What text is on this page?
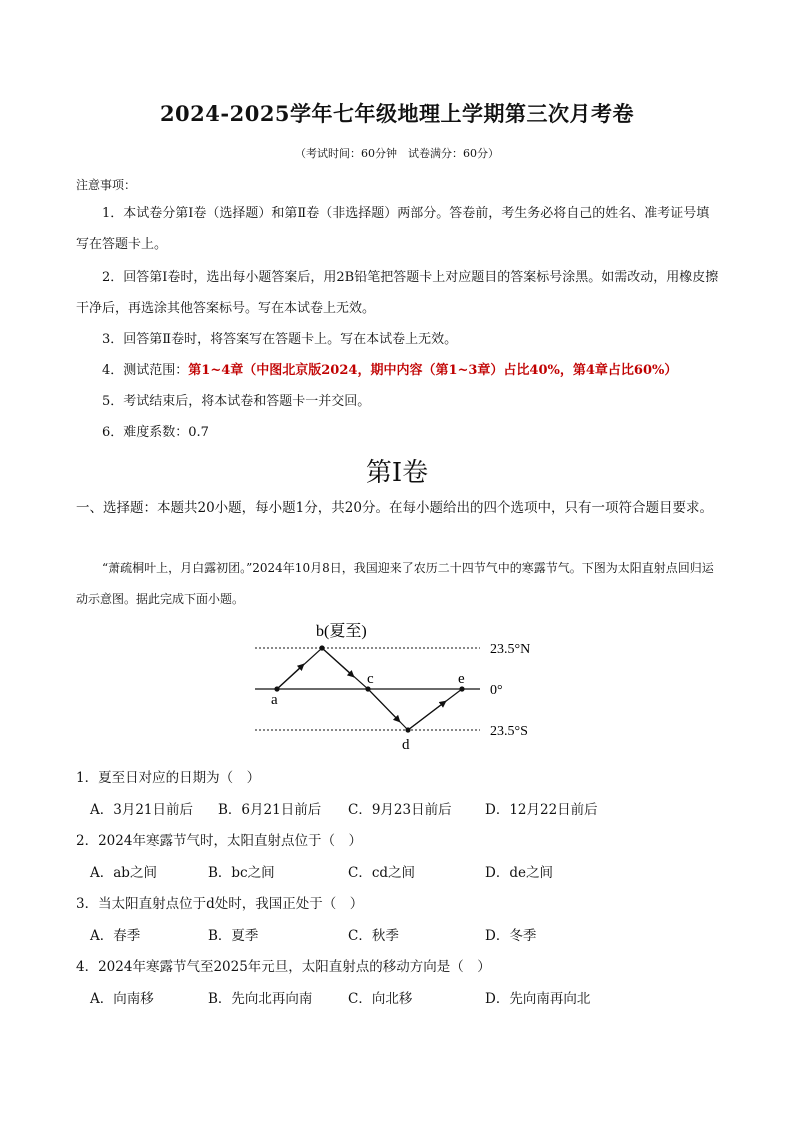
2024-2025学年七年级地理上学期第三次月考卷
（考试时间：60分钟　试卷满分：60分）
注意事项：
1．本试卷分第Ⅰ卷（选择题）和第Ⅱ卷（非选择题）两部分。答卷前，考生务必将自己的姓名、准考证号填写在答题卡上。
2．回答第Ⅰ卷时，选出每小题答案后，用2B铅笔把答题卡上对应题目的答案标号涂黑。如需改动，用橡皮擦干净后，再选涂其他答案标号。写在本试卷上无效。
3．回答第Ⅱ卷时，将答案写在答题卡上。写在本试卷上无效。
4．测试范围：第1~4章（中图北京版2024，期中内容（第1~3章）占比40%，第4章占比60%）
5．考试结束后，将本试卷和答题卡一并交回。
6．难度系数：0.7
第Ⅰ卷
一、选择题：本题共20小题，每小题1分，共20分。在每小题给出的四个选项中，只有一项符合题目要求。
“萧疏桐叶上，月白露初团。”2024年10月8日，我国迎来了农历二十四节气中的寒露节气。下图为太阳直射点回归运动示意图。据此完成下面小题。
a
b(夏至)
c
d
e
23.5°N
0°
23.5°S
1．夏至日对应的日期为（　）
A．3月21日前后 B．6月21日前后 C．9月23日前后 D．12月22日前后
2．2024年寒露节气时，太阳直射点位于（　）
A．ab之间	B．bc之间	C．cd之间	D．de之间
3．当太阳直射点位于d处时，我国正处于（　）
A．春季	B．夏季	C．秋季	D．冬季
4．2024年寒露节气至2025年元旦，太阳直射点的移动方向是（　）
A．向南移	B．先向北再向南	C．向北移	D．先向南再向北
